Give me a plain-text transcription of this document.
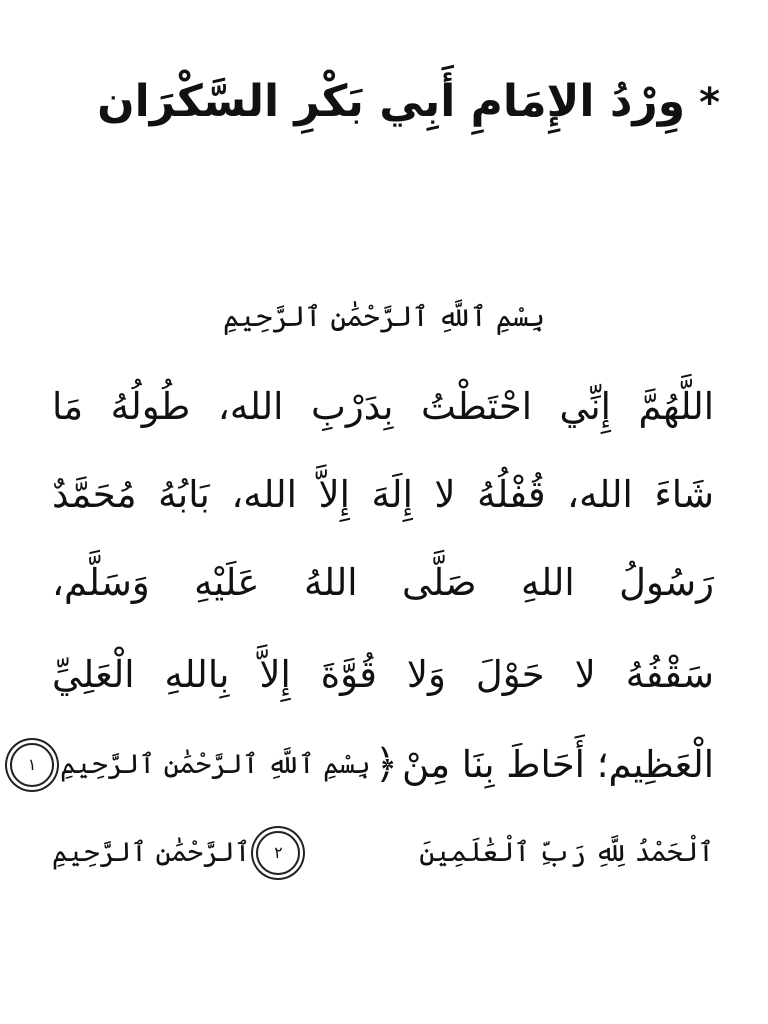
*وِرْدُ الإِمَامِ أَبِي بَكْرِ السَّكْرَان
بِسْمِ ٱللَّهِ ٱلرَّحْمَٰنِ ٱلرَّحِيمِ
اللَّهُمَّ إِنِّي احْتَطْتُ بِدَرْبِ الله، طُولُهُ مَا
شَاءَ الله، قُفْلُهُ لا إِلَهَ إِلاَّ الله، بَابُهُ مُحَمَّدٌ
رَسُولُ اللهِ صَلَّى اللهُ عَلَيْهِ وَسَلَّم،
سَقْفُهُ لا حَوْلَ وَلا قُوَّةَ إِلاَّ بِاللهِ الْعَلِيِّ
الْعَظِيم؛ أَحَاطَ بِنَا مِنْ
﴿
بِسْمِ ٱللَّهِ ٱلرَّحْمَٰنِ ٱلرَّحِيمِ
١
ٱلْحَمْدُ لِلَّهِ رَبِّ ٱلْعَٰلَمِينَ
٢
ٱلرَّحْمَٰنِ ٱلرَّحِيمِ
